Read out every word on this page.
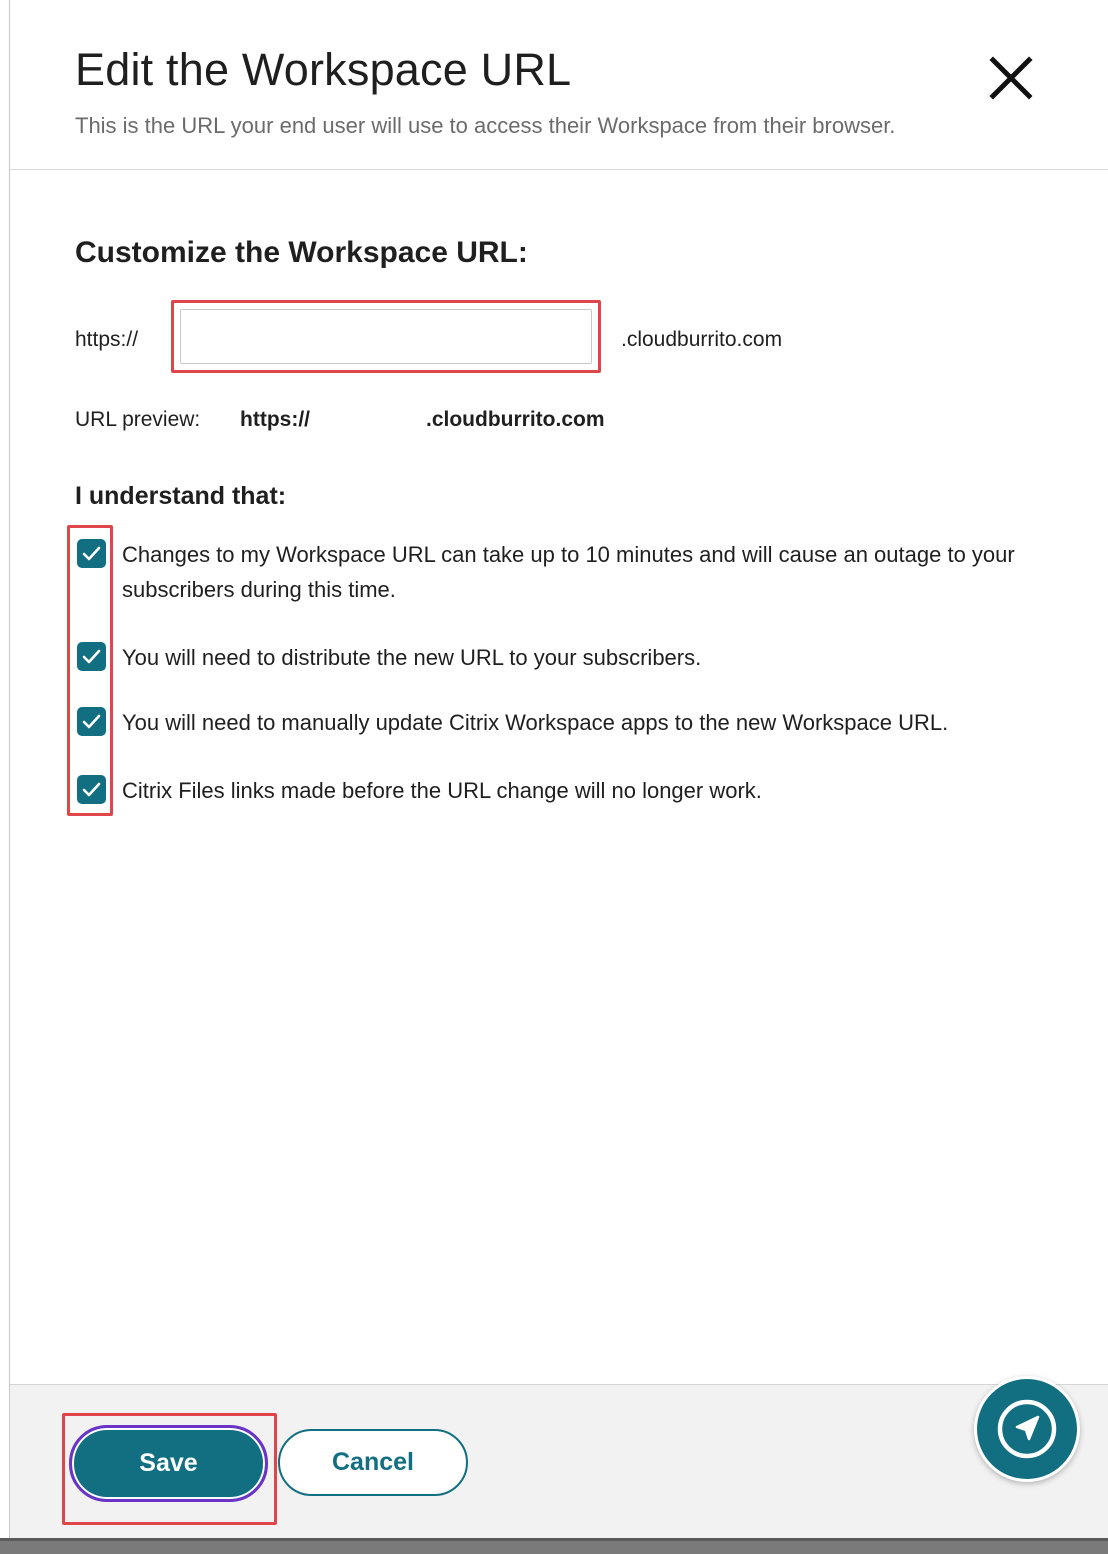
Edit the Workspace URL

This is the URL your end user will use to access their Workspace from their browser.

Customize the Workspace URL:
https://	.cloudburrito.com
URL preview: https://	.cloudburrito.com
I understand that:

Changes to my Workspace URL can take up to 10 minutes and will cause an outage to your subscribers during this time.

You will need to distribute the new URL to your subscribers.

You will need to manually update Citrix Workspace apps to the new Workspace URL.

Citrix Files links made before the URL change will no longer work.

Save	Cancel
